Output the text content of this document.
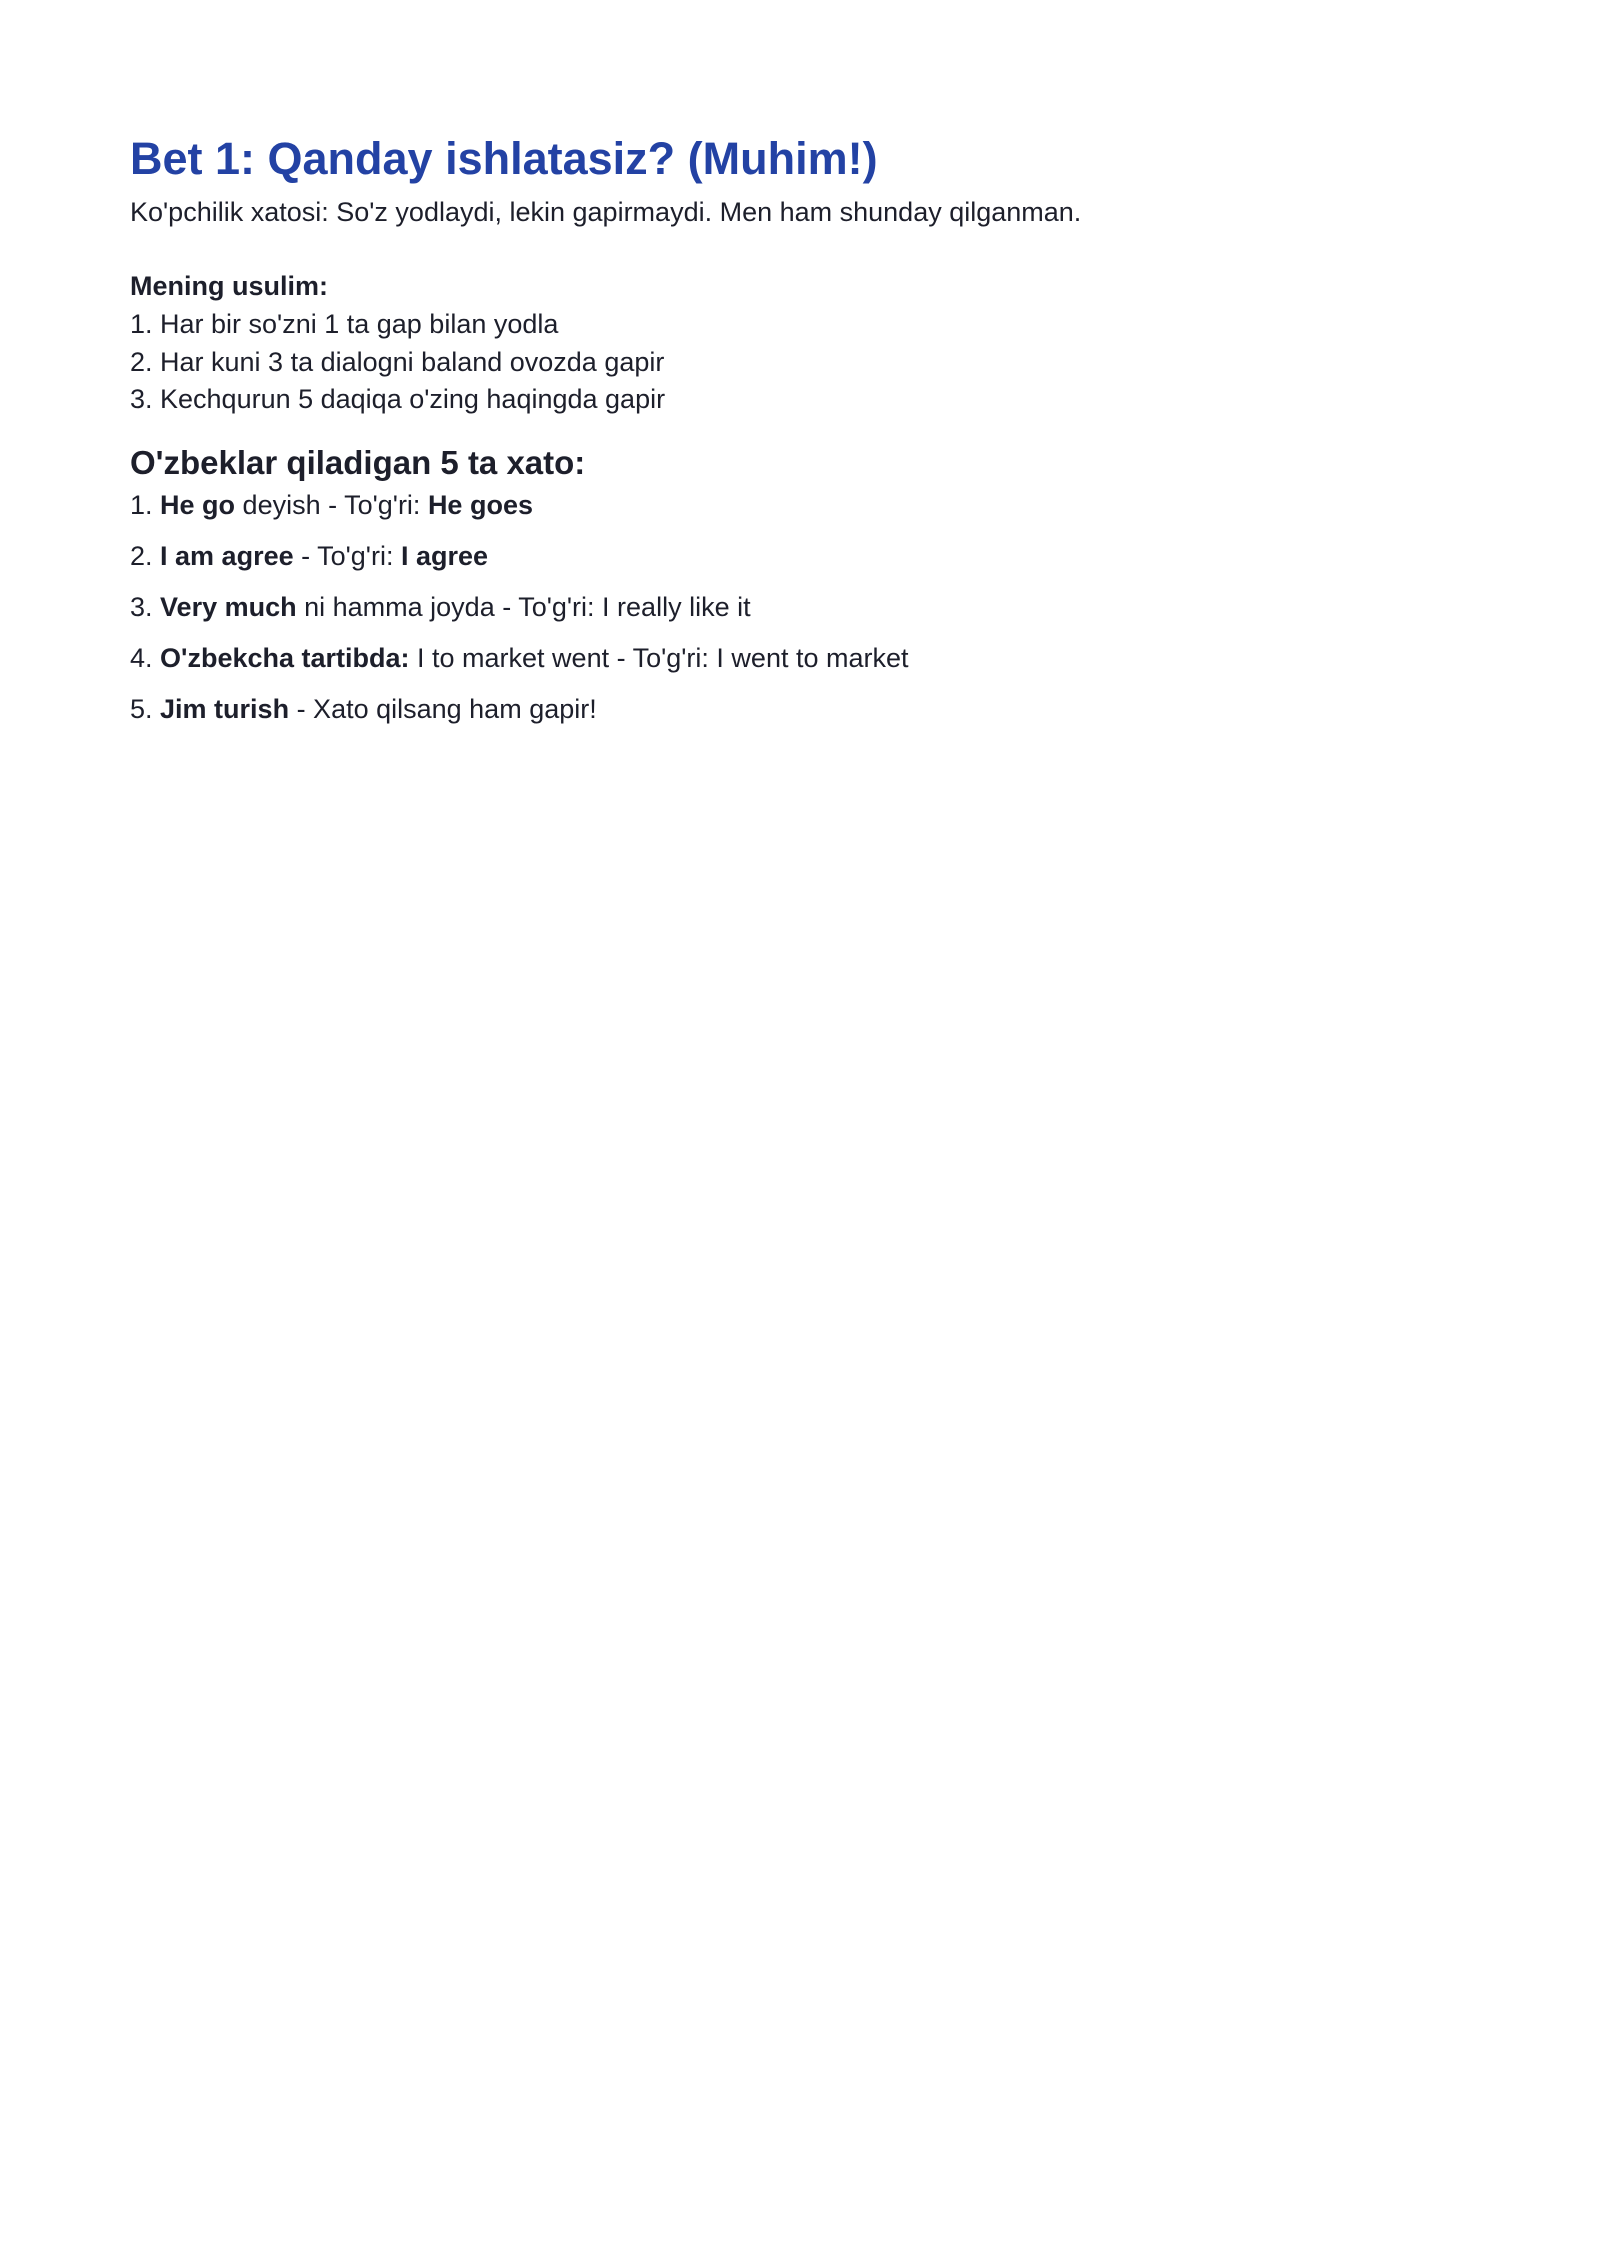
Bet 1: Qanday ishlatasiz? (Muhim!)

Ko'pchilik xatosi: So'z yodlaydi, lekin gapirmaydi. Men ham shunday qilganman.

Mening usulim:

1. Har bir so'zni 1 ta gap bilan yodla
2. Har kuni 3 ta dialogni baland ovozda gapir
3. Kechqurun 5 daqiqa o'zing haqingda gapir
O'zbeklar qiladigan 5 ta xato:
1. He go deyish - To'g'ri: He goes
2. I am agree - To'g'ri: I agree
3. Very much ni hamma joyda - To'g'ri: I really like it
4. O'zbekcha tartibda: I to market went - To'g'ri: I went to market
5. Jim turish - Xato qilsang ham gapir!
